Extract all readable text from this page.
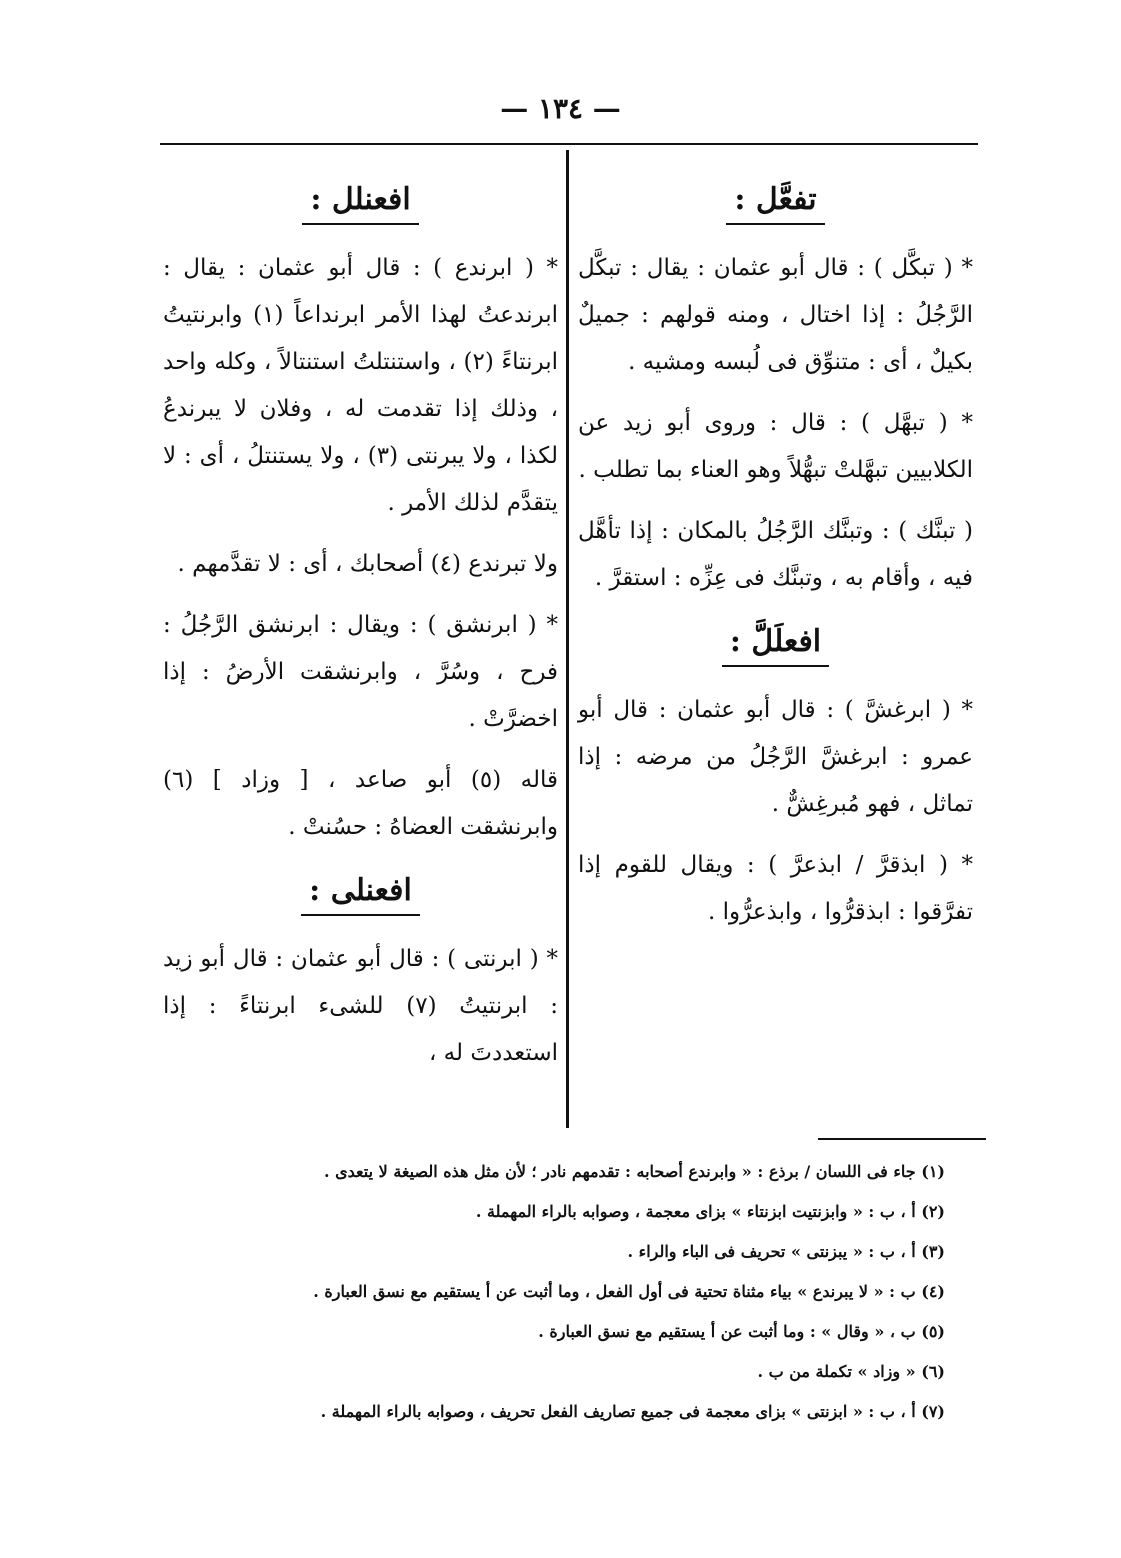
— ١٣٤ —
تفعَّل :
* ( تبكَّل ) : قال أبو عثمان : يقال : تبكَّل الرَّجُلُ : إذا اختال ، ومنه قولهم : جميلٌ بكيلٌ ، أى : متنوِّق فى لُبسه ومشيه .
* ( تبهَّل ) : قال : وروى أبو زيد عن الكلابيين تبهَّلتْ تبهُّلاً وهو العناء بما تطلب .
( تبنَّك ) : وتبنَّك الرَّجُلُ بالمكان : إذا تأهَّل فيه ، وأقام به ، وتبنَّك فى عِزِّه : استقرَّ .
افعلَلَّ :
* ( ابرغشَّ ) : قال أبو عثمان : قال أبو عمرو : ابرغشَّ الرَّجُلُ من مرضه : إذا تماثل ، فهو مُبرغِشٌّ .
* ( ابذقرَّ / ابذعرَّ ) : ويقال للقوم إذا تفرَّقوا : ابذقرُّوا ، وابذعرُّوا .
افعنلل :
* ( ابرندع ) : قال أبو عثمان : يقال : ابرندعتُ لهذا الأمر ابرنداعاً (١) وابرنتيتُ ابرنتاءً (٢) ، واستنتلتُ استنتالاً ، وكله واحد ، وذلك إذا تقدمت له ، وفلان لا يبرندعُ لكذا ، ولا يبرنتى (٣) ، ولا يستنتلُ ، أى : لا يتقدَّم لذلك الأمر .
ولا تبرندع (٤) أصحابك ، أى : لا تقدَّمهم .
* ( ابرنشق ) : ويقال : ابرنشق الرَّجُلُ : فرح ، وسُرَّ ، وابرنشقت الأرضُ : إذا اخضرَّتْ .
قاله (٥) أبو صاعد ، [ وزاد ] (٦) وابرنشقت العضاهُ : حسُنتْ .
افعنلى :
* ( ابرنتى ) : قال أبو عثمان : قال أبو زيد : ابرنتيتُ (٧) للشىء ابرنتاءً : إذا استعددتَ له ،
(١) جاء فى اللسان / برذع : « وابرندع أصحابه : تقدمهم نادر ؛ لأن مثل هذه الصيغة لا يتعدى .
(٢) أ ، ب : « وابزنتيت ابزنتاء » بزاى معجمة ، وصوابه بالراء المهملة .
(٣) أ ، ب : « يبزنتى » تحريف فى الباء والراء .
(٤) ب : « لا يبرندع » بياء مثناة تحتية فى أول الفعل ، وما أثبت عن أ يستقيم مع نسق العبارة .
(٥) ب ، « وقال » : وما أثبت عن أ يستقيم مع نسق العبارة .
(٦) « وزاد » تكملة من ب .
(٧) أ ، ب : « ابزنتى » بزاى معجمة فى جميع تصاريف الفعل تحريف ، وصوابه بالراء المهملة .
